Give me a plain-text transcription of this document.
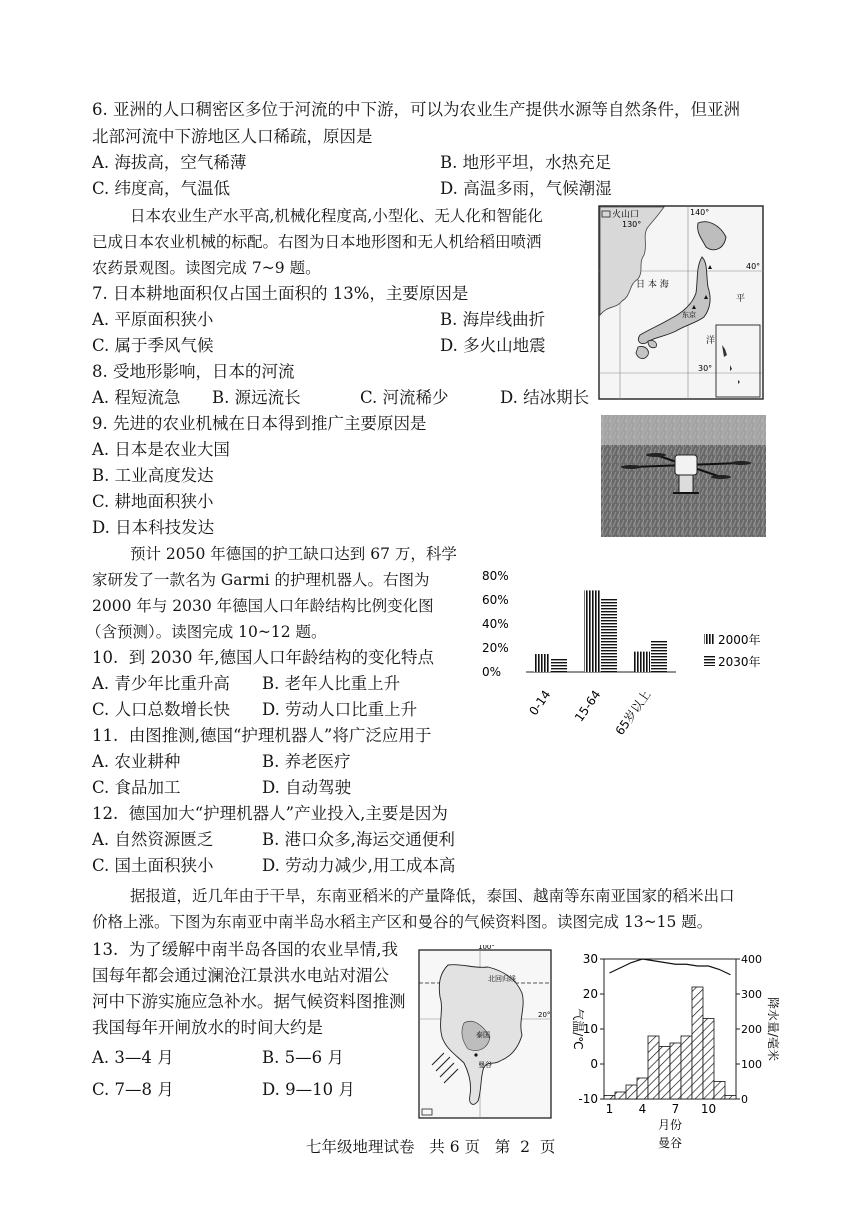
6. 亚洲的人口稠密区多位于河流的中下游，可以为农业生产提供水源等自然条件，但亚洲
北部河流中下游地区人口稀疏，原因是
A. 海拔高，空气稀薄	B. 地形平坦，水热充足
C. 纬度高，气温低	D. 高温多雨，气候潮湿
日本农业生产水平高,机械化程度高,小型化、无人化和智能化
已成日本农业机械的标配。右图为日本地形图和无人机给稻田喷洒
农药景观图。读图完成 7~9 题。
火山口
130°
140°
40°
30°
日 本 海
平
洋
东京
7. 日本耕地面积仅占国土面积的 13%，主要原因是
A. 平原面积狭小	B. 海岸线曲折
C. 属于季风气候	D. 多火山地震
8. 受地形影响，日本的河流
A. 程短流急 B. 源远流长	C. 河流稀少	D. 结冰期长
9. 先进的农业机械在日本得到推广主要原因是
A. 日本是农业大国
B. 工业高度发达
C. 耕地面积狭小
D. 日本科技发达
预计 2050 年德国的护工缺口达到 67 万，科学
家研发了一款名为 Garmi 的护理机器人。右图为
2000 年与 2030 年德国人口年龄结构比例变化图
（含预测）。读图完成 10~12 题。
80%
60%
40%
20%
0%
0-14 15-64 65岁以上
2000年
2030年
10.  到 2030 年,德国人口年龄结构的变化特点
A. 青少年比重升高 B. 老年人比重上升
C. 人口总数增长快 D. 劳动人口比重上升
11.  由图推测,德国“护理机器人”将广泛应用于
A. 农业耕种	B. 养老医疗
C. 食品加工	D. 自动驾驶
12.  德国加大“护理机器人”产业投入,主要是因为
A. 自然资源匮乏	B. 港口众多,海运交通便利
C. 国土面积狭小	D. 劳动力减少,用工成本高
据报道，近几年由于干旱，东南亚稻米的产量降低，泰国、越南等东南亚国家的稻米出口
价格上涨。下图为东南亚中南半岛水稻主产区和曼谷的气候资料图。读图完成 13~15 题。
13.  为了缓解中南半岛各国的农业旱情,我
国每年都会通过澜沧江景洪水电站对湄公
河中下游实施应急补水。据气候资料图推测
我国每年开闸放水的时间大约是
A. 3—4 月	B. 5—6 月
C. 7—8 月	D. 9—10 月
100°
20°
北回归线
泰国
曼谷
30
20
10
0
-10
400
300
200
100
0
1 4 7 10
月份
曼谷
气温/℃	降水量/毫米
七年级地理试卷   共 6 页   第  2  页
